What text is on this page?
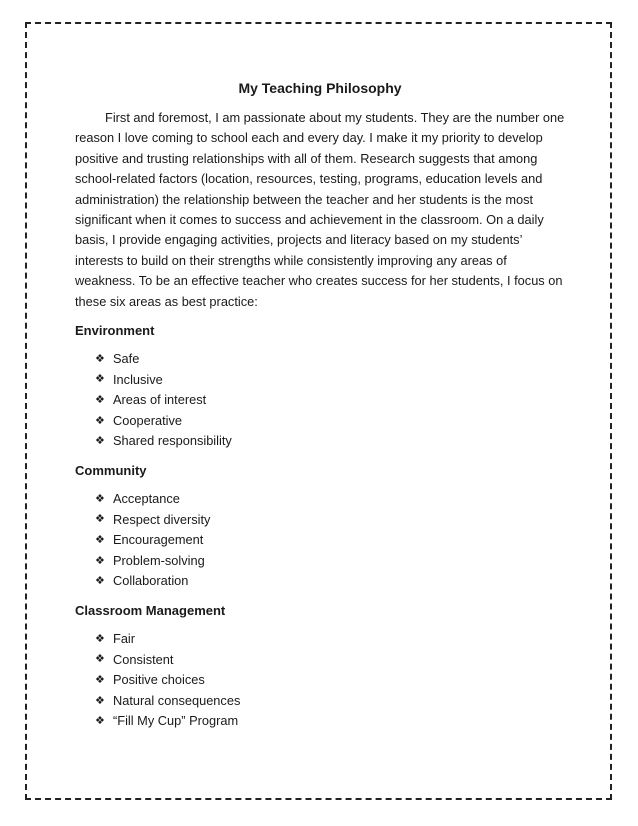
My Teaching Philosophy

First and foremost, I am passionate about my students. They are the number one reason I love coming to school each and every day. I make it my priority to develop positive and trusting relationships with all of them. Research suggests that among school-related factors (location, resources, testing, programs, education levels and administration) the relationship between the teacher and her students is the most significant when it comes to success and achievement in the classroom. On a daily basis, I provide engaging activities, projects and literacy based on my students’ interests to build on their strengths while consistently improving any areas of weakness. To be an effective teacher who creates success for her students, I focus on these six areas as best practice:

Environment
❖ Safe
❖ Inclusive
❖ Areas of interest
❖ Cooperative
❖ Shared responsibility
Community
❖ Acceptance
❖ Respect diversity
❖ Encouragement
❖ Problem-solving
❖ Collaboration
Classroom Management
❖ Fair
❖ Consistent
❖ Positive choices
❖ Natural consequences
❖ “Fill My Cup” Program
